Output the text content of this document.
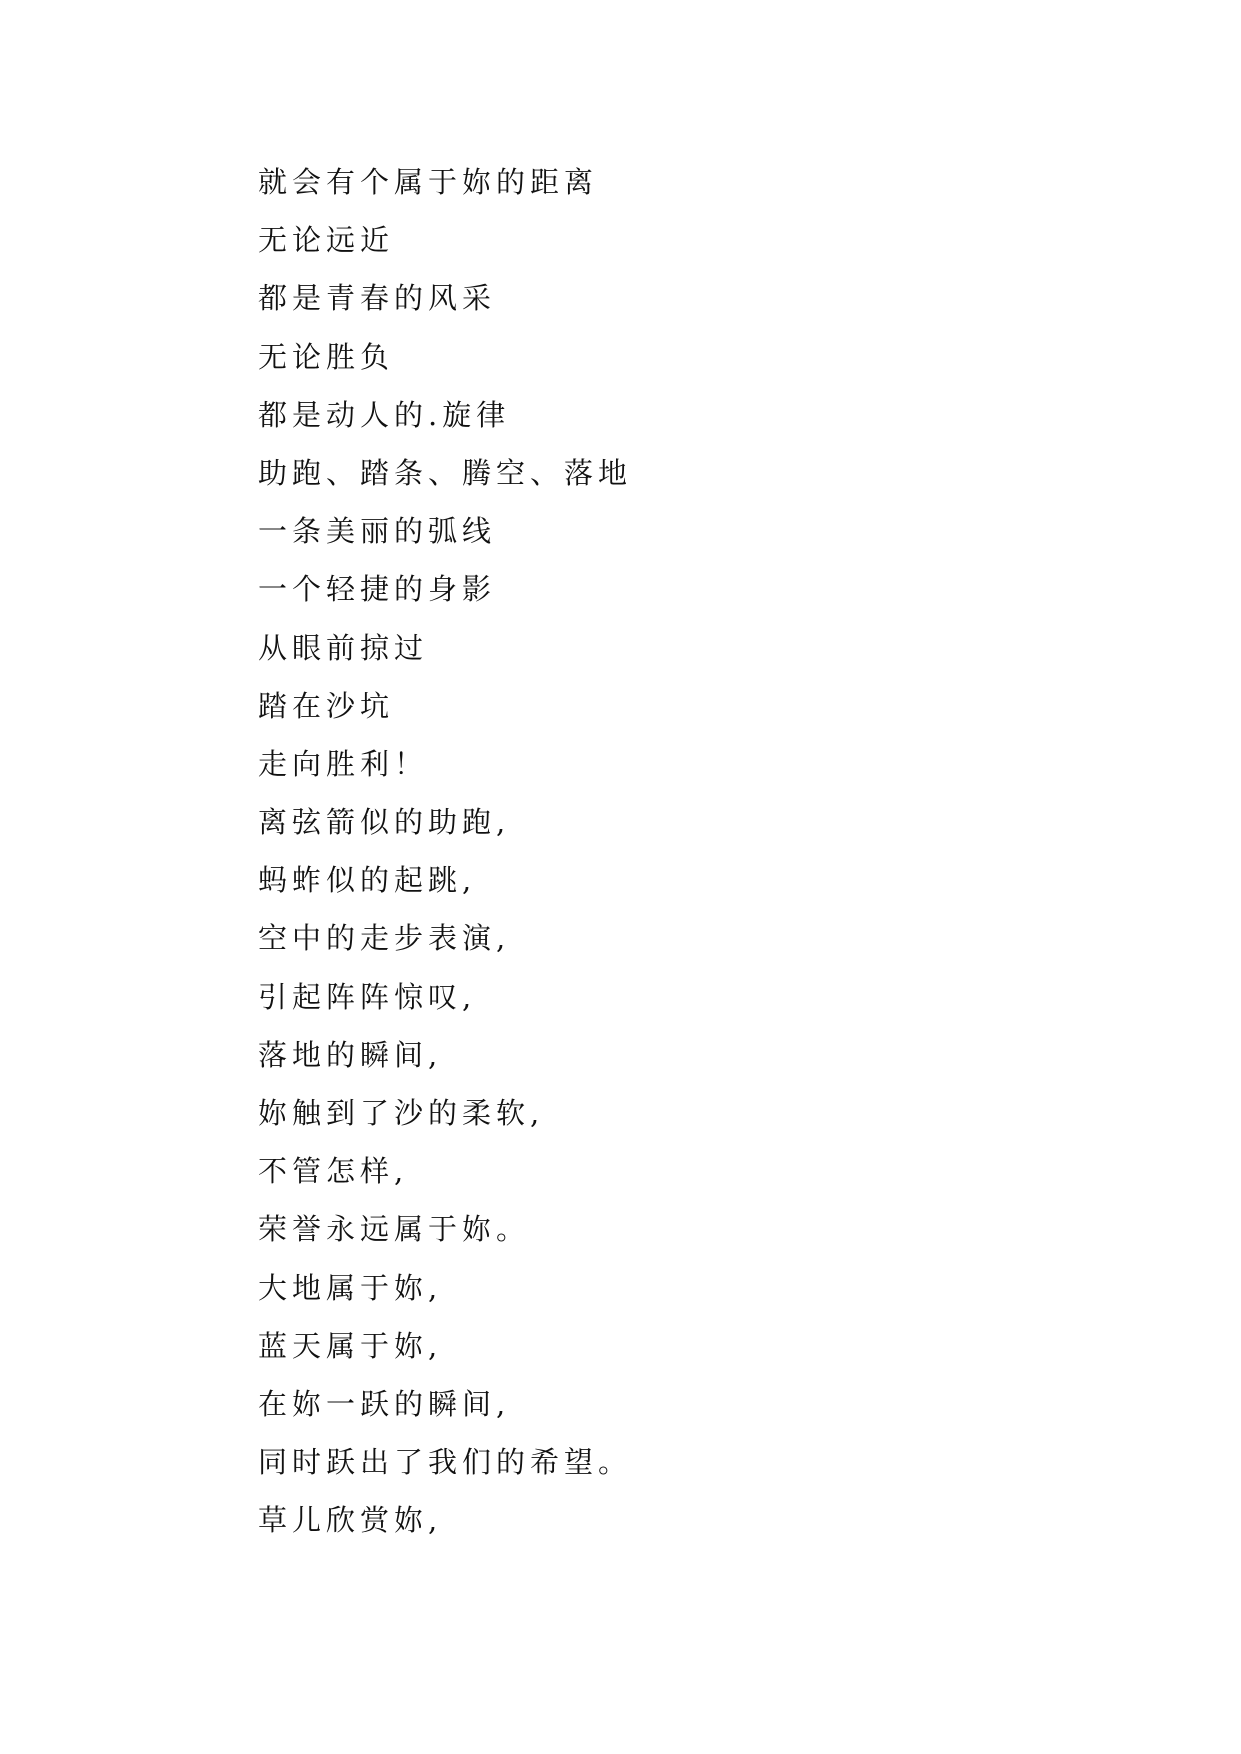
就会有个属于妳的距离
无论远近
都是青春的风采
无论胜负
都是动人的.旋律
助跑、踏条、腾空、落地
一条美丽的弧线
一个轻捷的身影
从眼前掠过
踏在沙坑
走向胜利！
离弦箭似的助跑,
蚂蚱似的起跳,
空中的走步表演,
引起阵阵惊叹,
落地的瞬间,
妳触到了沙的柔软,
不管怎样,
荣誉永远属于妳。
大地属于妳,
蓝天属于妳,
在妳一跃的瞬间,
同时跃出了我们的希望。
草儿欣赏妳,
